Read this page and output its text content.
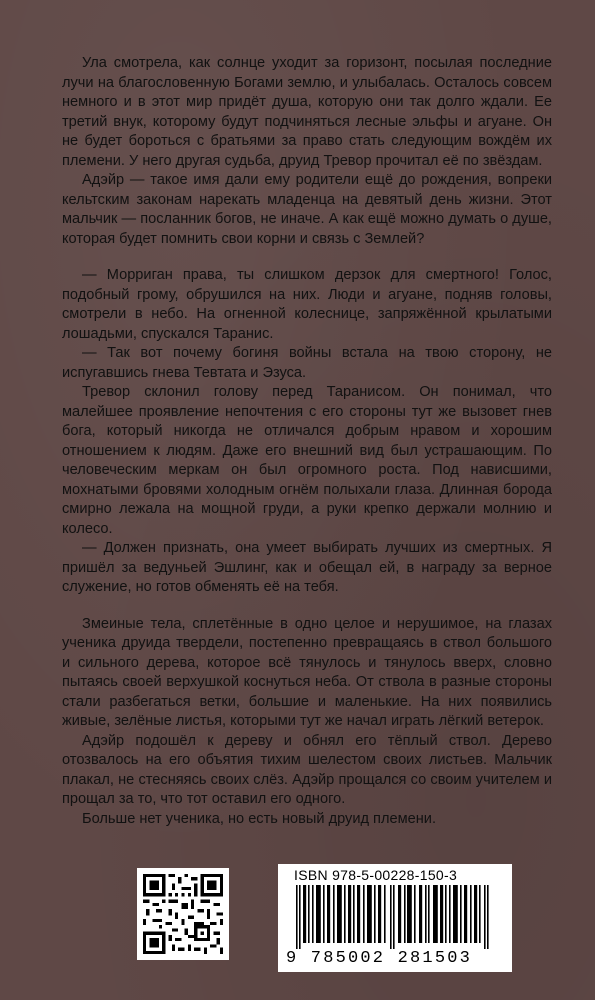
Ула смотрела, как солнце уходит за горизонт, посылая последние лучи на благословенную Богами землю, и улыбалась. Осталось совсем немного и в этот мир придёт душа, которую они так долго ждали. Ее третий внук, которому будут подчиняться лесные эльфы и агуане. Он не будет бороться с братьями за право стать следующим вождём их племени. У него другая судьба, друид Тревор прочитал её по звёздам.

Адэйр — такое имя дали ему родители ещё до рождения, вопреки кельтским законам нарекать младенца на девятый день жизни. Этот мальчик — посланник богов, не иначе. А как ещё можно думать о душе, которая будет помнить свои корни и связь с Землей?

— Морриган права, ты слишком дерзок для смертного! Голос, подобный грому, обрушился на них. Люди и агуане, подняв головы, смотрели в небо. На огненной колеснице, запряжённой крылатыми лошадьми, спускался Таранис.

— Так вот почему богиня войны встала на твою сторону, не испугавшись гнева Тевтата и Эзуса.

Тревор склонил голову перед Таранисом. Он понимал, что малейшее проявление непочтения с его стороны тут же вызовет гнев бога, который никогда не отличался добрым нравом и хорошим отношением к людям. Даже его внешний вид был устрашающим. По человеческим меркам он был огромного роста. Под нависшими, мохнатыми бровями холодным огнём полыхали глаза. Длинная борода смирно лежала на мощной груди, а руки крепко держали молнию и колесо.

— Должен признать, она умеет выбирать лучших из смертных. Я пришёл за ведуньей Эшлинг, как и обещал ей, в награду за верное служение, но готов обменять её на тебя.

Змеиные тела, сплетённые в одно целое и нерушимое, на глазах ученика друида твердели, постепенно превращаясь в ствол большого и сильного дерева, которое всё тянулось и тянулось вверх, словно пытаясь своей верхушкой коснуться неба. От ствола в разные стороны стали разбегаться ветки, большие и маленькие. На них появились живые, зелёные листья, которыми тут же начал играть лёгкий ветерок.

Адэйр подошёл к дереву и обнял его тёплый ствол. Дерево отозвалось на его объятия тихим шелестом своих листьев. Мальчик плакал, не стесняясь своих слёз. Адэйр прощался со своим учителем и прощал за то, что тот оставил его одного.

Больше нет ученика, но есть новый друид племени.

ISBN 978-5-00228-150-3
9 785002 281503
